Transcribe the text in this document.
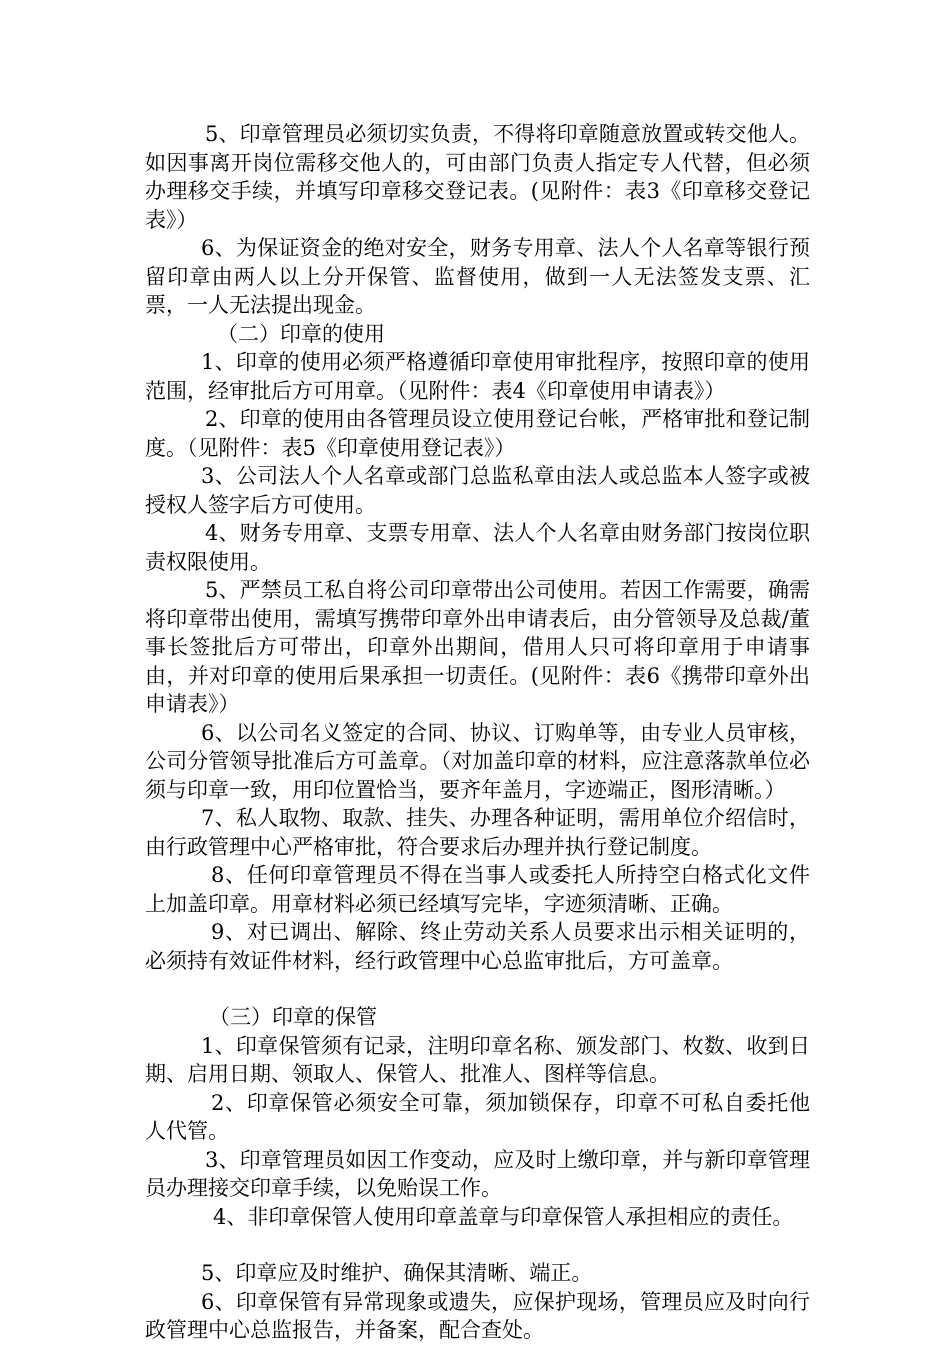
5、印章管理员必须切实负责，不得将印章随意放置或转交他人。如因事离开岗位需移交他人的，可由部门负责人指定专人代替，但必须办理移交手续，并填写印章移交登记表。(见附件：表3《印章移交登记表》）

6、为保证资金的绝对安全，财务专用章、法人个人名章等银行预留印章由两人以上分开保管、监督使用，做到一人无法签发支票、汇票，一人无法提出现金。

（二）印章的使用

1、印章的使用必须严格遵循印章使用审批程序，按照印章的使用范围，经审批后方可用章。（见附件：表4《印章使用申请表》）

2、印章的使用由各管理员设立使用登记台帐，严格审批和登记制度。（见附件：表5《印章使用登记表》）

3、公司法人个人名章或部门总监私章由法人或总监本人签字或被授权人签字后方可使用。

4、财务专用章、支票专用章、法人个人名章由财务部门按岗位职责权限使用。

5、严禁员工私自将公司印章带出公司使用。若因工作需要，确需将印章带出使用，需填写携带印章外出申请表后，由分管领导及总裁/董事长签批后方可带出，印章外出期间，借用人只可将印章用于申请事由，并对印章的使用后果承担一切责任。(见附件：表6《携带印章外出申请表》）

6、以公司名义签定的合同、协议、订购单等，由专业人员审核，公司分管领导批准后方可盖章。（对加盖印章的材料，应注意落款单位必须与印章一致，用印位置恰当，要齐年盖月，字迹端正，图形清晰。）

7、私人取物、取款、挂失、办理各种证明，需用单位介绍信时，由行政管理中心严格审批，符合要求后办理并执行登记制度。

8、任何印章管理员不得在当事人或委托人所持空白格式化文件上加盖印章。用章材料必须已经填写完毕，字迹须清晰、正确。

9、对已调出、解除、终止劳动关系人员要求出示相关证明的，必须持有效证件材料，经行政管理中心总监审批后，方可盖章。

（三）印章的保管

1、印章保管须有记录，注明印章名称、颁发部门、枚数、收到日期、启用日期、领取人、保管人、批准人、图样等信息。

2、印章保管必须安全可靠，须加锁保存，印章不可私自委托他人代管。

3、印章管理员如因工作变动，应及时上缴印章，并与新印章管理员办理接交印章手续，以免贻误工作。

4、非印章保管人使用印章盖章与印章保管人承担相应的责任。

5、印章应及时维护、确保其清晰、端正。

6、印章保管有异常现象或遗失，应保护现场，管理员应及时向行政管理中心总监报告，并备案，配合查处。
